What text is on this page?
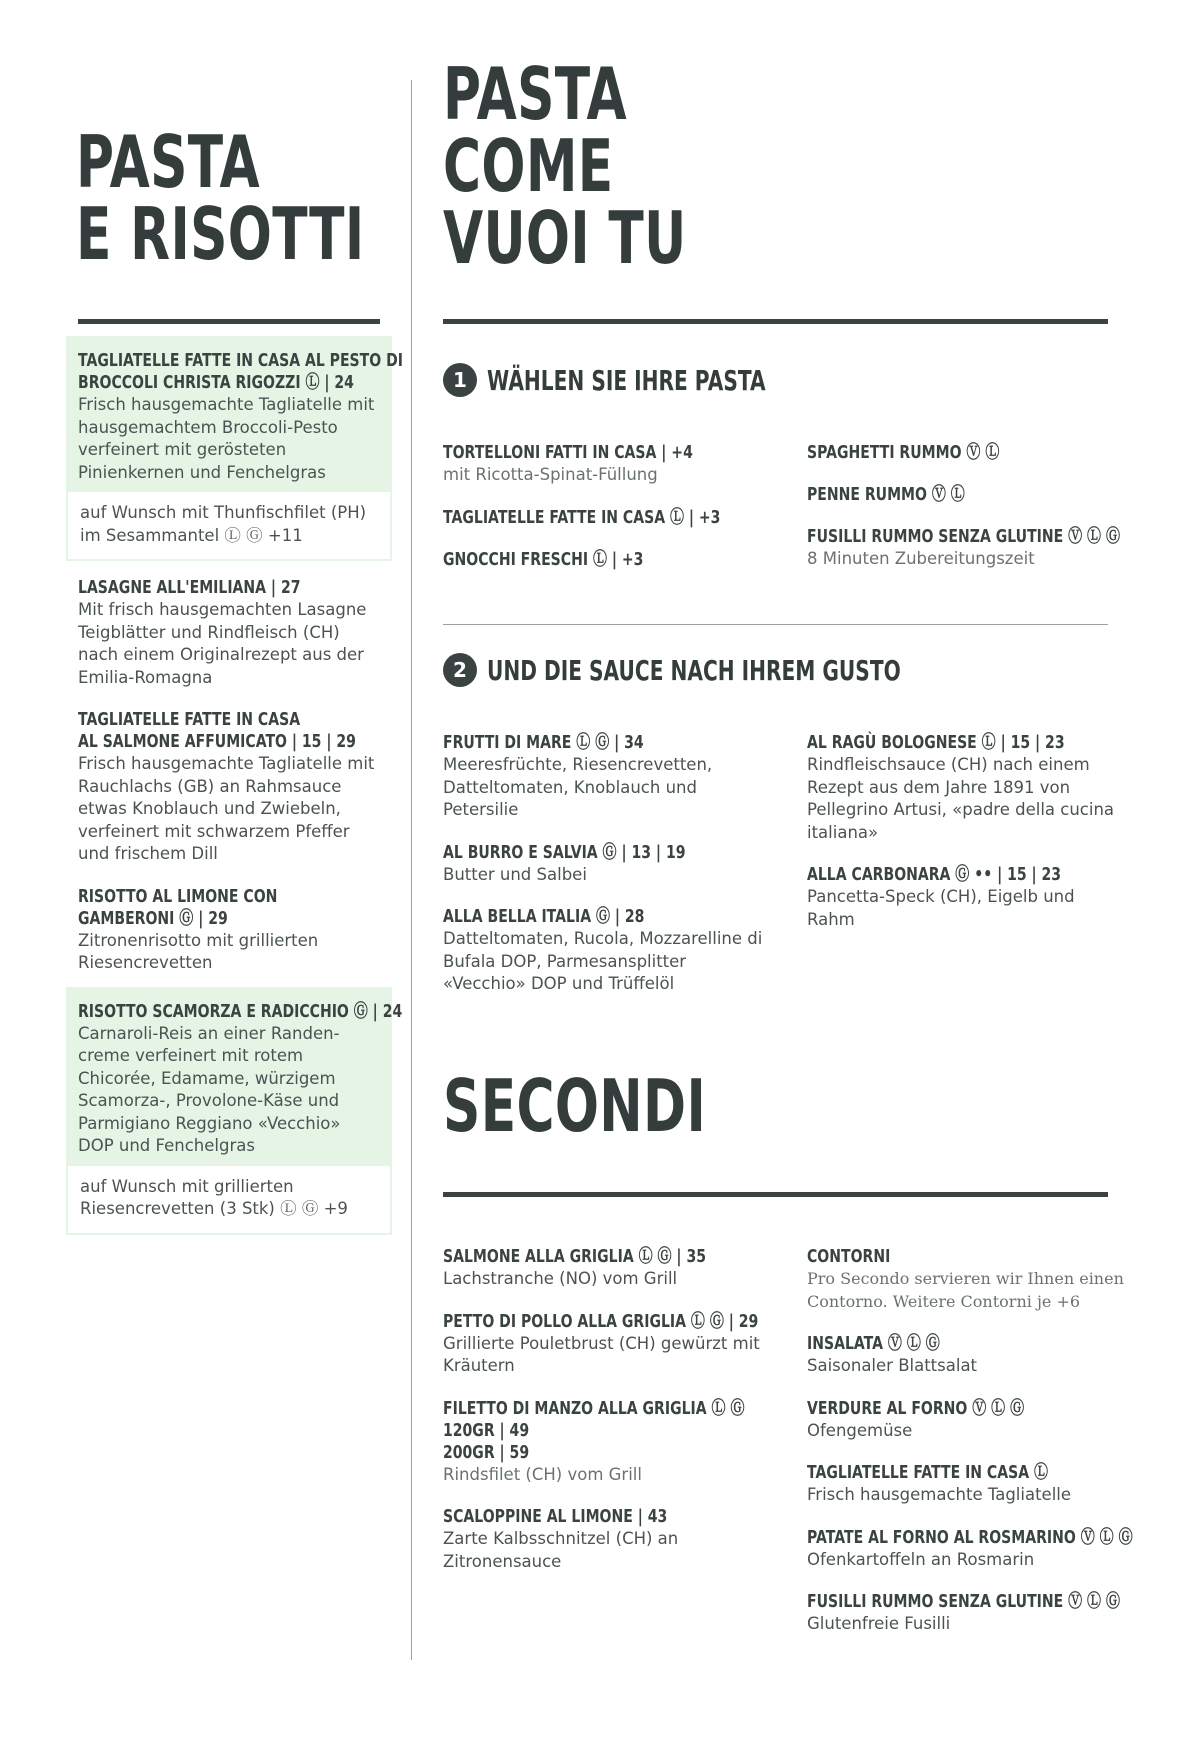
PASTA
E RISOTTI
TAGLIATELLE FATTE IN CASA AL PESTO DI
BROCCOLI CHRISTA RIGOZZI Ⓛ | 24
Frisch hausgemachte Tagliatelle mit hausgemachtem Broccoli-Pesto verfeinert mit gerösteten Pinienkernen und Fenchelgras
auf Wunsch mit Thunfischfilet (PH) im Sesammantel Ⓛ Ⓖ +11
LASAGNE ALL'EMILIANA | 27
Mit frisch hausgemachten Lasagne Teigblätter und Rindfleisch (CH) nach einem Originalrezept aus der Emilia-Romagna
TAGLIATELLE FATTE IN CASA
AL SALMONE AFFUMICATO | 15 | 29
Frisch hausgemachte Tagliatelle mit Rauchlachs (GB) an Rahmsauce etwas Knoblauch und Zwiebeln, verfeinert mit schwarzem Pfeffer und frischem Dill
RISOTTO AL LIMONE CON
GAMBERONI Ⓖ | 29
Zitronenrisotto mit grillierten Riesencrevetten
RISOTTO SCAMORZA E RADICCHIO Ⓖ | 24
Carnaroli-Reis an einer Randen-creme verfeinert mit rotem Chicorée, Edamame, würzigem Scamorza-, Provolone-Käse und Parmigiano Reggiano «Vecchio» DOP und Fenchelgras
auf Wunsch mit grillierten Riesencrevetten (3 Stk) Ⓛ Ⓖ +9
PASTA
COME
VUOI TU
1 WÄHLEN SIE IHRE PASTA
TORTELLONI FATTI IN CASA | +4
mit Ricotta-Spinat-Füllung
TAGLIATELLE FATTE IN CASA Ⓛ | +3
GNOCCHI FRESCHI Ⓛ | +3
SPAGHETTI RUMMO Ⓥ Ⓛ
PENNE RUMMO Ⓥ Ⓛ
FUSILLI RUMMO SENZA GLUTINE Ⓥ Ⓛ Ⓖ
8 Minuten Zubereitungszeit
2 UND DIE SAUCE NACH IHREM GUSTO
FRUTTI DI MARE Ⓛ Ⓖ | 34
Meeresfrüchte, Riesencrevetten, Datteltomaten, Knoblauch und Petersilie
AL BURRO E SALVIA Ⓖ | 13 | 19
Butter und Salbei
ALLA BELLA ITALIA Ⓖ | 28
Datteltomaten, Rucola, Mozzarelline di Bufala DOP, Parmesansplitter «Vecchio» DOP und Trüffelöl
AL RAGÙ BOLOGNESE Ⓛ | 15 | 23
Rindfleischsauce (CH) nach einem Rezept aus dem Jahre 1891 von Pellegrino Artusi, «padre della cucina italiana»
ALLA CARBONARA Ⓖ •• | 15 | 23
Pancetta-Speck (CH), Eigelb und Rahm
SECONDI
SALMONE ALLA GRIGLIA Ⓛ Ⓖ | 35
Lachstranche (NO) vom Grill
PETTO DI POLLO ALLA GRIGLIA Ⓛ Ⓖ | 29
Grillierte Pouletbrust (CH) gewürzt mit Kräutern
FILETTO DI MANZO ALLA GRIGLIA Ⓛ Ⓖ
120GR | 49
200GR | 59
Rindsfilet (CH) vom Grill
SCALOPPINE AL LIMONE | 43
Zarte Kalbsschnitzel (CH) an Zitronensauce
CONTORNI
Pro Secondo servieren wir Ihnen einen Contorno. Weitere Contorni je +6
INSALATA Ⓥ Ⓛ Ⓖ
Saisonaler Blattsalat
VERDURE AL FORNO Ⓥ Ⓛ Ⓖ
Ofengemüse
TAGLIATELLE FATTE IN CASA Ⓛ
Frisch hausgemachte Tagliatelle
PATATE AL FORNO AL ROSMARINO Ⓥ Ⓛ Ⓖ
Ofenkartoffeln an Rosmarin
FUSILLI RUMMO SENZA GLUTINE Ⓥ Ⓛ Ⓖ
Glutenfreie Fusilli
